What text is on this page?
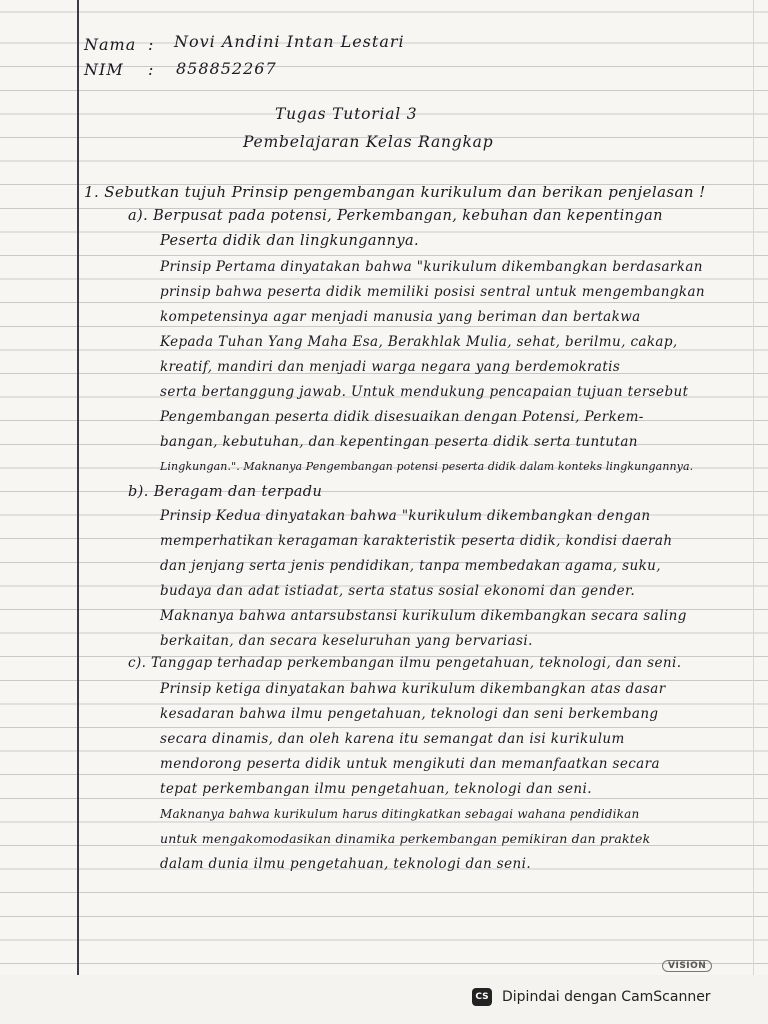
Nama : Novi Andini Intan Lestari
NIM : 858852267
Tugas Tutorial 3
Pembelajaran Kelas Rangkap
1. Sebutkan tujuh Prinsip pengembangan kurikulum dan berikan penjelasan !
a). Berpusat pada potensi, Perkembangan, kebuhan dan kepentingan
Peserta didik dan lingkungannya.
Prinsip Pertama dinyatakan bahwa "kurikulum dikembangkan berdasarkan
prinsip bahwa peserta didik memiliki posisi sentral untuk mengembangkan
kompetensinya agar menjadi manusia yang beriman dan bertakwa
Kepada Tuhan Yang Maha Esa, Berakhlak Mulia, sehat, berilmu, cakap,
kreatif, mandiri dan menjadi warga negara yang berdemokratis
serta bertanggung jawab. Untuk mendukung pencapaian tujuan tersebut
Pengembangan peserta didik disesuaikan dengan Potensi, Perkem-
bangan, kebutuhan, dan kepentingan peserta didik serta tuntutan
Lingkungan.". Maknanya Pengembangan potensi peserta didik dalam konteks lingkungannya.
b). Beragam dan terpadu
Prinsip Kedua dinyatakan bahwa "kurikulum dikembangkan dengan
memperhatikan keragaman karakteristik peserta didik, kondisi daerah
dan jenjang serta jenis pendidikan, tanpa membedakan agama, suku,
budaya dan adat istiadat, serta status sosial ekonomi dan gender.
Maknanya bahwa antarsubstansi kurikulum dikembangkan secara saling
berkaitan, dan secara keseluruhan yang bervariasi.
c). Tanggap terhadap perkembangan ilmu pengetahuan, teknologi, dan seni.
Prinsip ketiga dinyatakan bahwa kurikulum dikembangkan atas dasar
kesadaran bahwa ilmu pengetahuan, teknologi dan seni berkembang
secara dinamis, dan oleh karena itu semangat dan isi kurikulum
mendorong peserta didik untuk mengikuti dan memanfaatkan secara
tepat perkembangan ilmu pengetahuan, teknologi dan seni.
Maknanya bahwa kurikulum harus ditingkatkan sebagai wahana pendidikan
untuk mengakomodasikan dinamika perkembangan pemikiran dan praktek
dalam dunia ilmu pengetahuan, teknologi dan seni.
VISION
CS Dipindai dengan CamScanner
